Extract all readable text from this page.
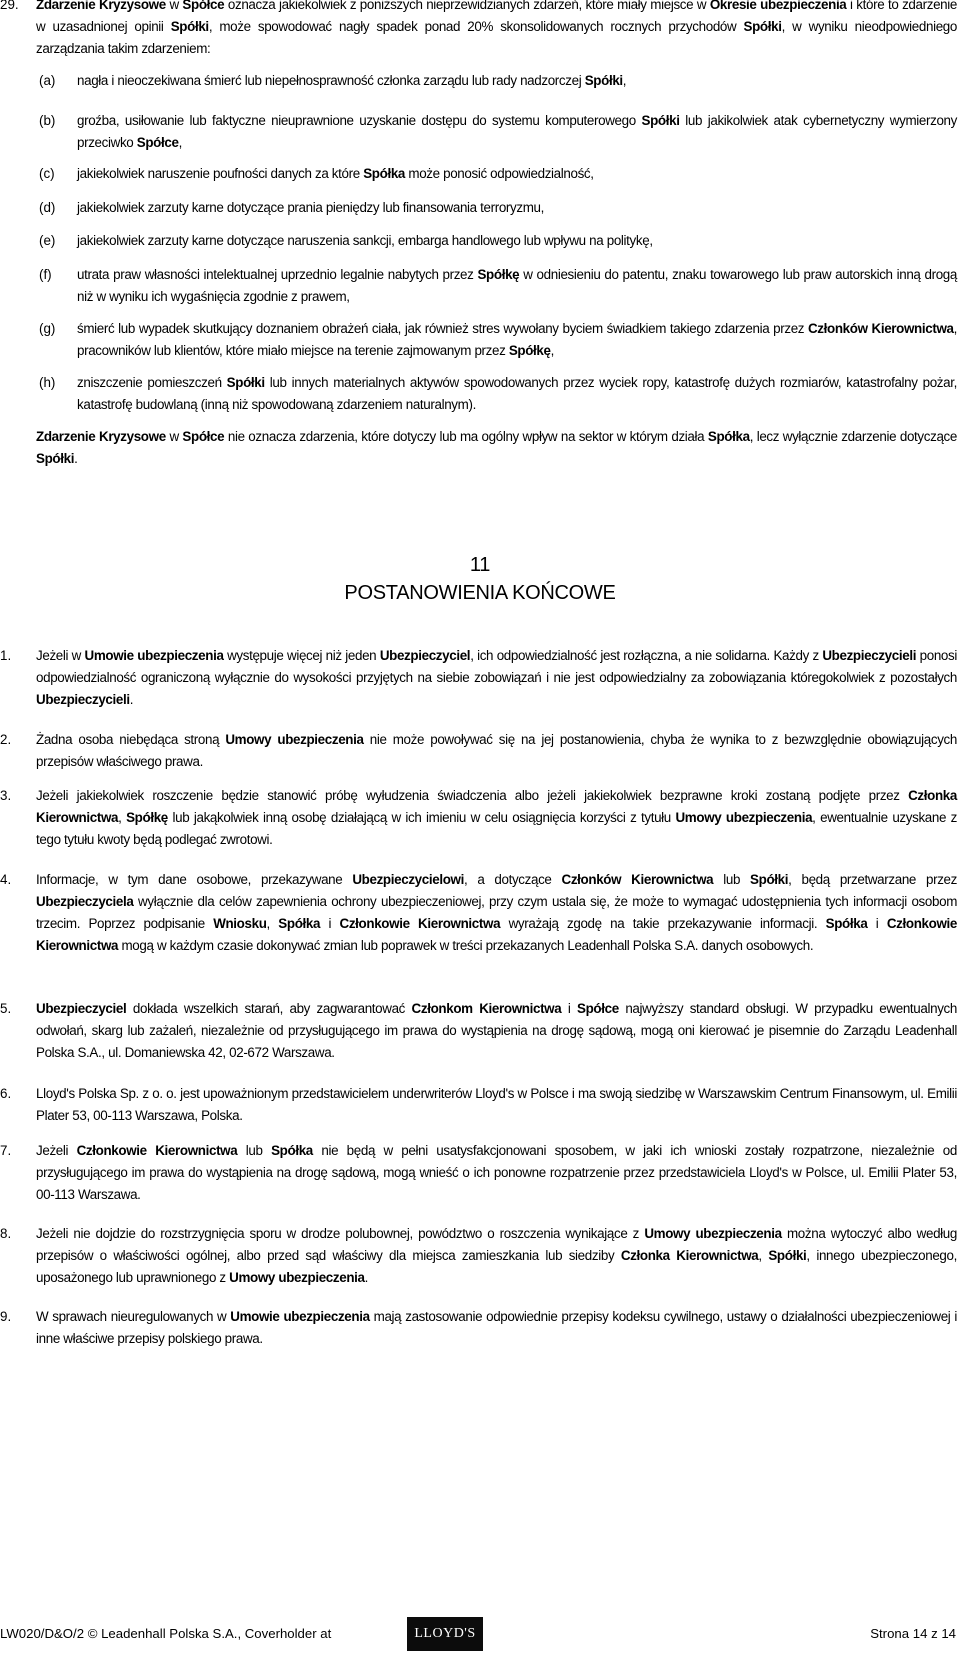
29. Zdarzenie Kryzysowe w Spółce oznacza jakiekolwiek z poniższych nieprzewidzianych zdarzeń, które miały miejsce w Okresie ubezpieczenia i które to zdarzenie w uzasadnionej opinii Spółki, może spowodować nagły spadek ponad 20% skonsolidowanych rocznych przychodów Spółki, w wyniku nieodpowiedniego zarządzania takim zdarzeniem:

(a) nagła i nieoczekiwana śmierć lub niepełnosprawność członka zarządu lub rady nadzorczej Spółki,

(b) groźba, usiłowanie lub faktyczne nieuprawnione uzyskanie dostępu do systemu komputerowego Spółki lub jakikolwiek atak cybernetyczny wymierzony przeciwko Spółce,

(c) jakiekolwiek naruszenie poufności danych za które Spółka może ponosić odpowiedzialność,

(d) jakiekolwiek zarzuty karne dotyczące prania pieniędzy lub finansowania terroryzmu,

(e) jakiekolwiek zarzuty karne dotyczące naruszenia sankcji, embarga handlowego lub wpływu na politykę,

(f) utrata praw własności intelektualnej uprzednio legalnie nabytych przez Spółkę w odniesieniu do patentu, znaku towarowego lub praw autorskich inną drogą niż w wyniku ich wygaśnięcia zgodnie z prawem,

(g) śmierć lub wypadek skutkujący doznaniem obrażeń ciała, jak również stres wywołany byciem świadkiem takiego zdarzenia przez Członków Kierownictwa, pracowników lub klientów, które miało miejsce na terenie zajmowanym przez Spółkę,

(h) zniszczenie pomieszczeń Spółki lub innych materialnych aktywów spowodowanych przez wyciek ropy, katastrofę dużych rozmiarów, katastrofalny pożar, katastrofę budowlaną (inną niż spowodowaną zdarzeniem naturalnym).

Zdarzenie Kryzysowe w Spółce nie oznacza zdarzenia, które dotyczy lub ma ogólny wpływ na sektor w którym działa Spółka, lecz wyłącznie zdarzenie dotyczące Spółki.

11
POSTANOWIENIA KOŃCOWE
1. Jeżeli w Umowie ubezpieczenia występuje więcej niż jeden Ubezpieczyciel, ich odpowiedzialność jest rozłączna, a nie solidarna. Każdy z Ubezpieczycieli ponosi odpowiedzialność ograniczoną wyłącznie do wysokości przyjętych na siebie zobowiązań i nie jest odpowiedzialny za zobowiązania któregokolwiek z pozostałych Ubezpieczycieli.

2. Żadna osoba niebędąca stroną Umowy ubezpieczenia nie może powoływać się na jej postanowienia, chyba że wynika to z bezwzględnie obowiązujących przepisów właściwego prawa.

3. Jeżeli jakiekolwiek roszczenie będzie stanowić próbę wyłudzenia świadczenia albo jeżeli jakiekolwiek bezprawne kroki zostaną podjęte przez Członka Kierownictwa, Spółkę lub jakąkolwiek inną osobę działającą w ich imieniu w celu osiągnięcia korzyści z tytułu Umowy ubezpieczenia, ewentualnie uzyskane z tego tytułu kwoty będą podlegać zwrotowi.

4. Informacje, w tym dane osobowe, przekazywane Ubezpieczycielowi, a dotyczące Członków Kierownictwa lub Spółki, będą przetwarzane przez Ubezpieczyciela wyłącznie dla celów zapewnienia ochrony ubezpieczeniowej, przy czym ustala się, że może to wymagać udostępnienia tych informacji osobom trzecim. Poprzez podpisanie Wniosku, Spółka i Członkowie Kierownictwa wyrażają zgodę na takie przekazywanie informacji. Spółka i Członkowie Kierownictwa mogą w każdym czasie dokonywać zmian lub poprawek w treści przekazanych Leadenhall Polska S.A. danych osobowych.

5. Ubezpieczyciel dokłada wszelkich starań, aby zagwarantować Członkom Kierownictwa i Spółce najwyższy standard obsługi. W przypadku ewentualnych odwołań, skarg lub zażaleń, niezależnie od przysługującego im prawa do wystąpienia na drogę sądową, mogą oni kierować je pisemnie do Zarządu Leadenhall Polska S.A., ul. Domaniewska 42, 02-672 Warszawa.

6. Lloyd's Polska Sp. z o. o. jest upoważnionym przedstawicielem underwriterów Lloyd's w Polsce i ma swoją siedzibę w Warszawskim Centrum Finansowym, ul. Emilii Plater 53, 00-113 Warszawa, Polska.

7. Jeżeli Członkowie Kierownictwa lub Spółka nie będą w pełni usatysfakcjonowani sposobem, w jaki ich wnioski zostały rozpatrzone, niezależnie od przysługującego im prawa do wystąpienia na drogę sądową, mogą wnieść o ich ponowne rozpatrzenie przez przedstawiciela Lloyd's w Polsce, ul. Emilii Plater 53, 00-113 Warszawa.

8. Jeżeli nie dojdzie do rozstrzygnięcia sporu w drodze polubownej, powództwo o roszczenia wynikające z Umowy ubezpieczenia można wytoczyć albo według przepisów o właściwości ogólnej, albo przed sąd właściwy dla miejsca zamieszkania lub siedziby Członka Kierownictwa, Spółki, innego ubezpieczonego, uposażonego lub uprawnionego z Umowy ubezpieczenia.

9. W sprawach nieuregulowanych w Umowie ubezpieczenia mają zastosowanie odpowiednie przepisy kodeksu cywilnego, ustawy o działalności ubezpieczeniowej i inne właściwe przepisy polskiego prawa.

LW020/D&O/2 © Leadenhall Polska S.A., Coverholder at	LLOYD'S	Strona 14 z 14
